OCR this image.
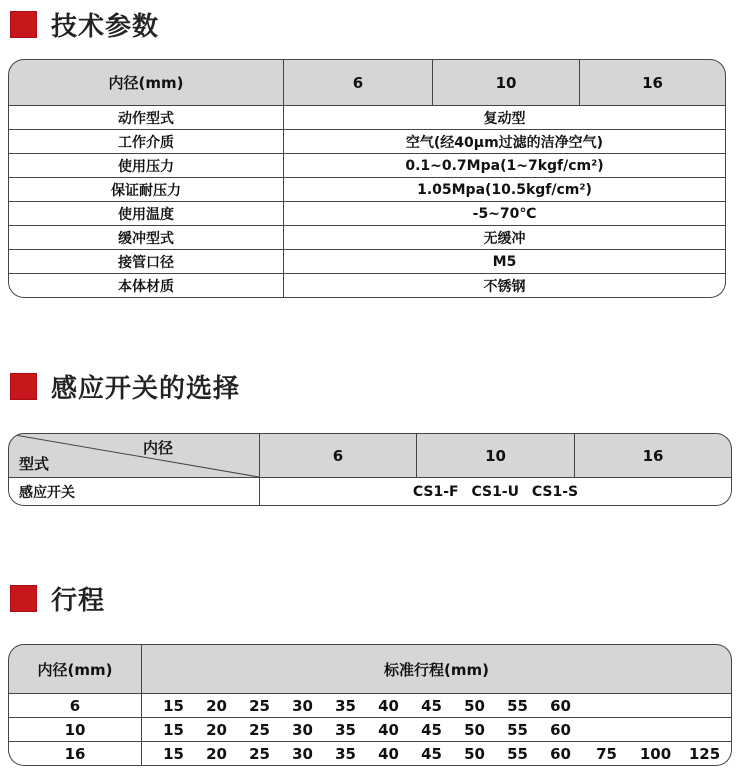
技术参数
内径(mm)	6	10	16
动作型式	复动型		
工作介质	空气(经40μm过滤的洁净空气)		
使用压力	0.1~0.7Mpa(1~7kgf/cm²)		
保证耐压力	1.05Mpa(10.5kgf/cm²)		
使用温度	-5~70℃		
缓冲型式	无缓冲		
接管口径	M5		
本体材质	不锈钢		
感应开关的选择
内径
型式	6	10	16
感应开关	CS1-F CS1-U CS1-S		
行程
内径(mm)	标准行程(mm)
6	15 20 25 30 35 40 45 50 55 60
10	15 20 25 30 35 40 45 50 55 60
16	15 20 25 30 35 40 45 50 55 60 75 100 125
